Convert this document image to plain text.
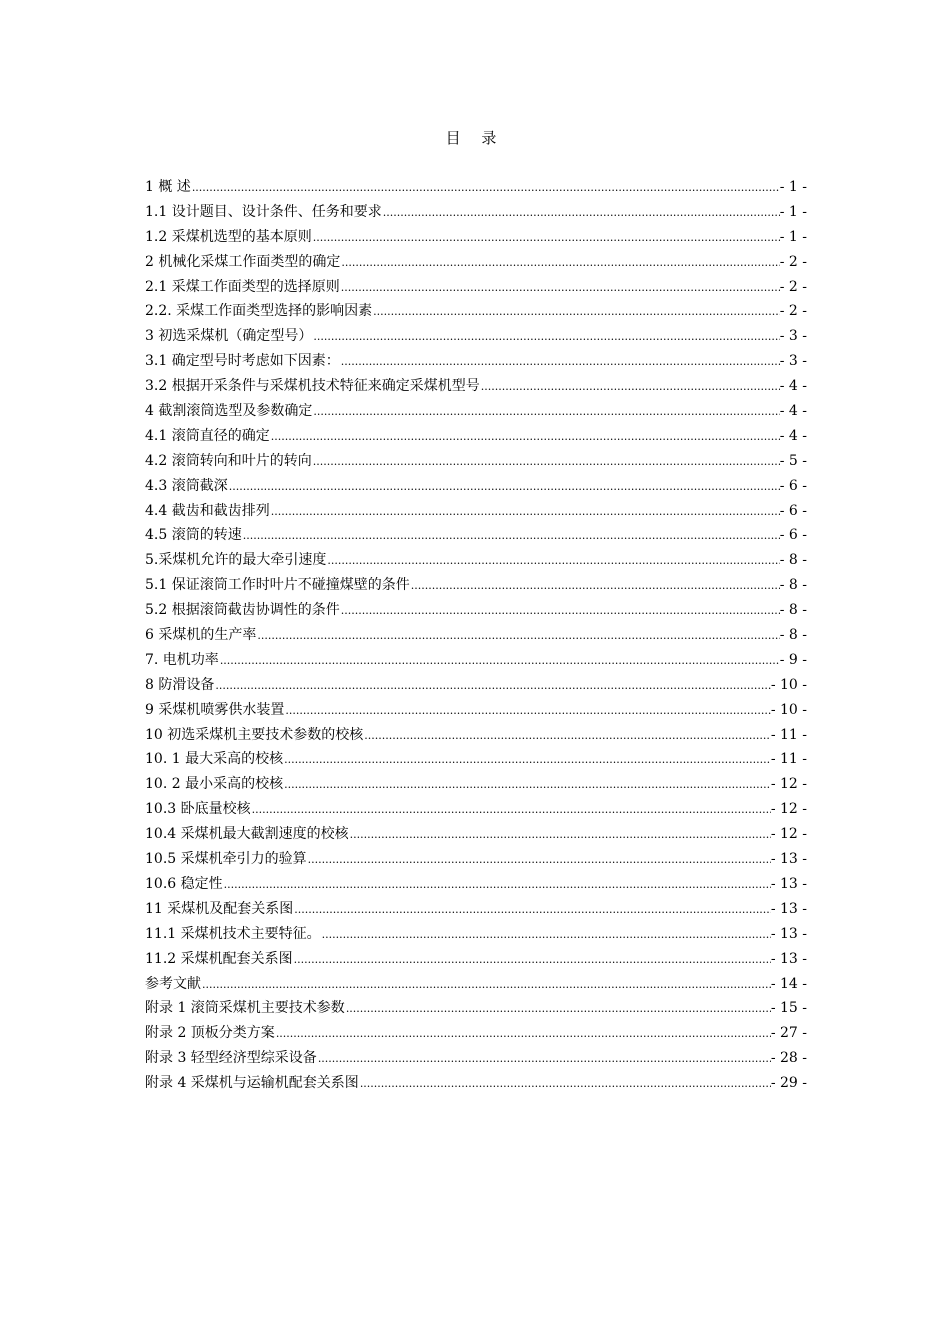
目 录
1 概 述 .....	- 1 -
1.1 设计题目、设计条件、任务和要求 .....	- 1 -
1.2 采煤机选型的基本原则 .....	- 1 -
2 机械化采煤工作面类型的确定 .....	- 2 -
2.1 采煤工作面类型的选择原则 .....	- 2 -
2.2. 采煤工作面类型选择的影响因素 .....	- 2 -
3 初选采煤机（确定型号） .....	- 3 -
3.1 确定型号时考虑如下因素： .....	- 3 -
3.2 根据开采条件与采煤机技术特征来确定采煤机型号 .....	- 4 -
4 截割滚筒选型及参数确定 .....	- 4 -
4.1 滚筒直径的确定 .....	- 4 -
4.2 滚筒转向和叶片的转向 .....	- 5 -
4.3 滚筒截深 .....	- 6 -
4.4 截齿和截齿排列 .....	- 6 -
4.5 滚筒的转速 .....	- 6 -
5.采煤机允许的最大牵引速度 .....	- 8 -
5.1 保证滚筒工作时叶片不碰撞煤壁的条件 .....	- 8 -
5.2 根据滚筒截齿协调性的条件 .....	- 8 -
6 采煤机的生产率 .....	- 8 -
7. 电机功率 .....	- 9 -
8 防滑设备 .....	- 10 -
9 采煤机喷雾供水装置 .....	- 10 -
10 初选采煤机主要技术参数的校核 .....	- 11 -
10. 1 最大采高的校核 .....	- 11 -
10. 2 最小采高的校核 .....	- 12 -
10.3 卧底量校核 .....	- 12 -
10.4 采煤机最大截割速度的校核 .....	- 12 -
10.5 采煤机牵引力的验算 .....	- 13 -
10.6 稳定性 .....	- 13 -
11 采煤机及配套关系图 .....	- 13 -
11.1 采煤机技术主要特征。 .....	- 13 -
11.2 采煤机配套关系图 .....	- 13 -
参考文献 .....	- 14 -
附录 1 滚筒采煤机主要技术参数 .....	- 15 -
附录 2 顶板分类方案 .....	- 27 -
附录 3 轻型经济型综采设备 .....	- 28 -
附录 4 采煤机与运输机配套关系图 .....	- 29 -
